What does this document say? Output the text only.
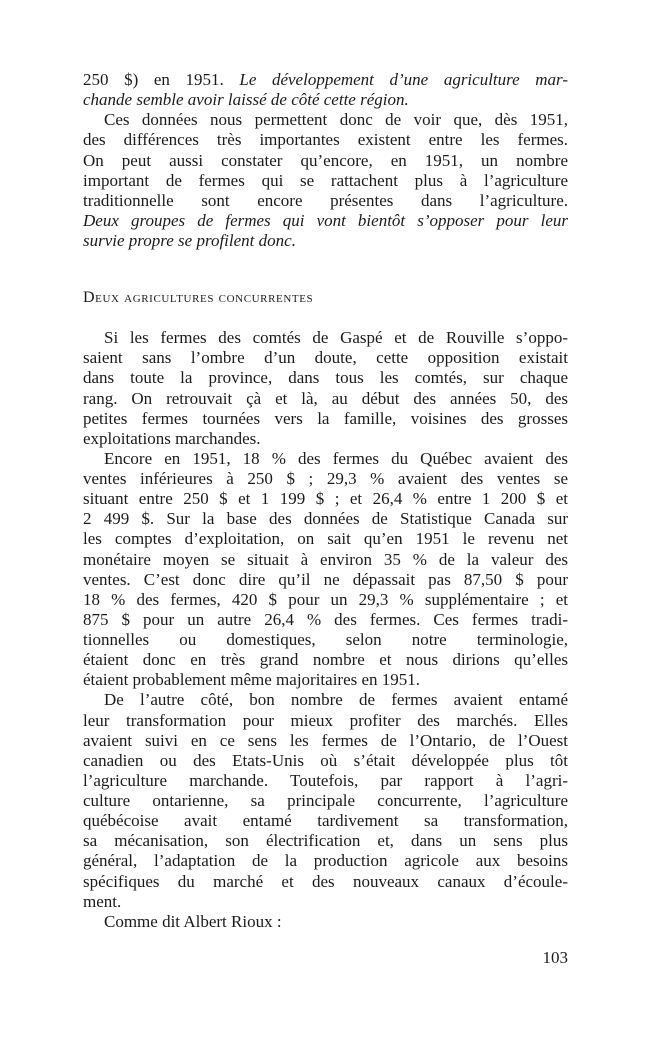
250 $) en 1951. Le développement d’une agriculture mar-
chande semble avoir laissé de côté cette région.
Ces données nous permettent donc de voir que, dès 1951,
des différences très importantes existent entre les fermes.
On peut aussi constater qu’encore, en 1951, un nombre
important de fermes qui se rattachent plus à l’agriculture
traditionnelle sont encore présentes dans l’agriculture.
Deux groupes de fermes qui vont bientôt s’opposer pour leur
survie propre se profilent donc.
Deux agricultures concurrentes
Si les fermes des comtés de Gaspé et de Rouville s’oppo-
saient sans l’ombre d’un doute, cette opposition existait
dans toute la province, dans tous les comtés, sur chaque
rang. On retrouvait çà et là, au début des années 50, des
petites fermes tournées vers la famille, voisines des grosses
exploitations marchandes.
Encore en 1951, 18 % des fermes du Québec avaient des
ventes inférieures à 250 $ ; 29,3 % avaient des ventes se
situant entre 250 $ et 1 199 $ ; et 26,4 % entre 1 200 $ et
2 499 $. Sur la base des données de Statistique Canada sur
les comptes d’exploitation, on sait qu’en 1951 le revenu net
monétaire moyen se situait à environ 35 % de la valeur des
ventes. C’est donc dire qu’il ne dépassait pas 87,50 $ pour
18 % des fermes, 420 $ pour un 29,3 % supplémentaire ; et
875 $ pour un autre 26,4 % des fermes. Ces fermes tradi-
tionnelles ou domestiques, selon notre terminologie,
étaient donc en très grand nombre et nous dirions qu’elles
étaient probablement même majoritaires en 1951.
De l’autre côté, bon nombre de fermes avaient entamé
leur transformation pour mieux profiter des marchés. Elles
avaient suivi en ce sens les fermes de l’Ontario, de l’Ouest
canadien ou des Etats-Unis où s’était développée plus tôt
l’agriculture marchande. Toutefois, par rapport à l’agri-
culture ontarienne, sa principale concurrente, l’agriculture
québécoise avait entamé tardivement sa transformation,
sa mécanisation, son électrification et, dans un sens plus
général, l’adaptation de la production agricole aux besoins
spécifiques du marché et des nouveaux canaux d’écoule-
ment.
Comme dit Albert Rioux :
103
